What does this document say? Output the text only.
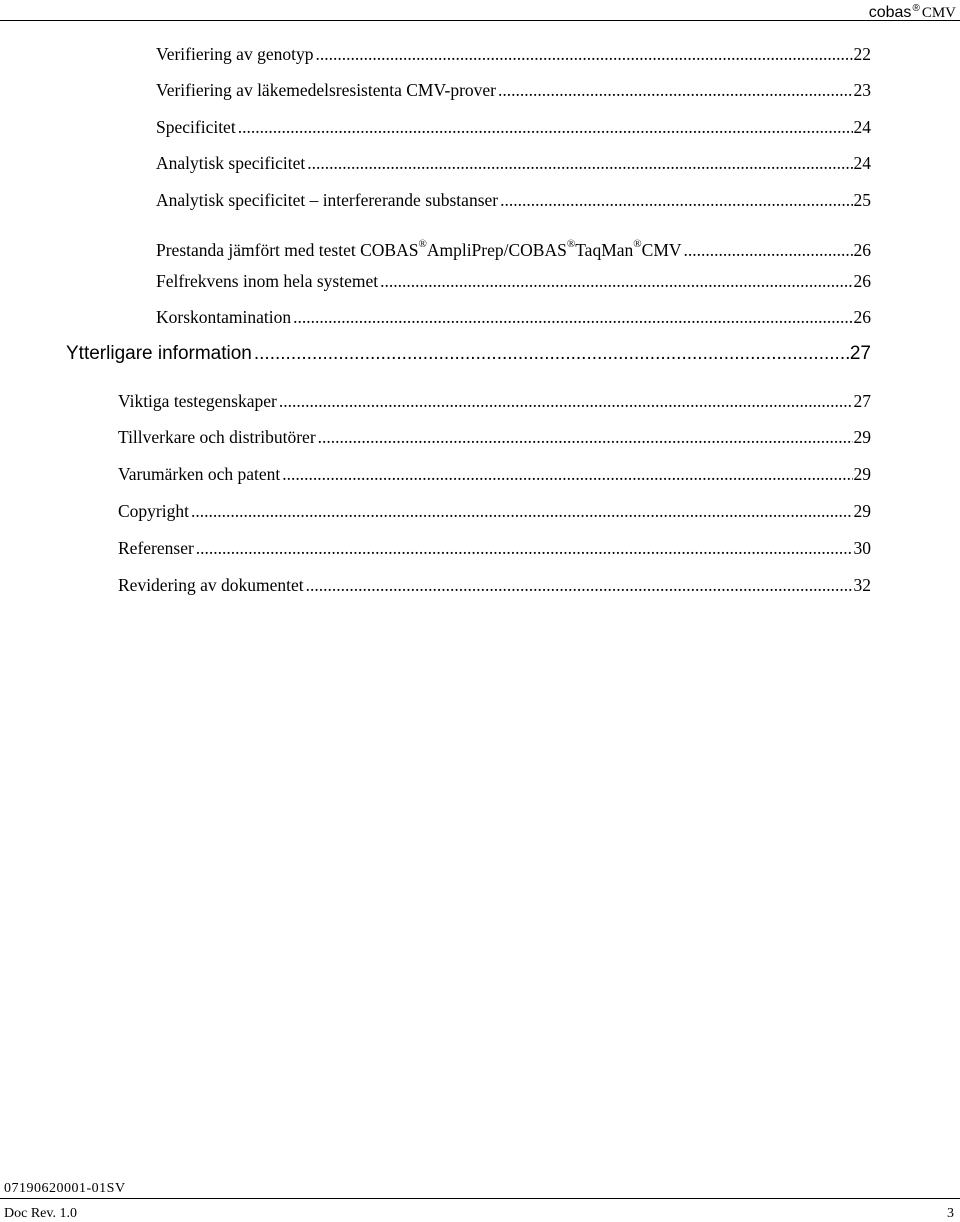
cobas® CMV
Verifiering av genotyp .....	22
Verifiering av läkemedelsresistenta CMV-prover .....	23
Specificitet .....	24
Analytisk specificitet .....	24
Analytisk specificitet – interfererande substanser .....	25
Prestanda jämfört med testet COBAS®AmpliPrep/COBAS®TaqMan®CMV .....	26
Felfrekvens inom hela systemet .....	26
Korskontamination .....	26
Ytterligare information .....	27
Viktiga testegenskaper .....	27
Tillverkare och distributörer .....	29
Varumärken och patent .....	29
Copyright .....	29
Referenser .....	30
Revidering av dokumentet .....	32
07190620001-01SV
Doc Rev. 1.0	3
